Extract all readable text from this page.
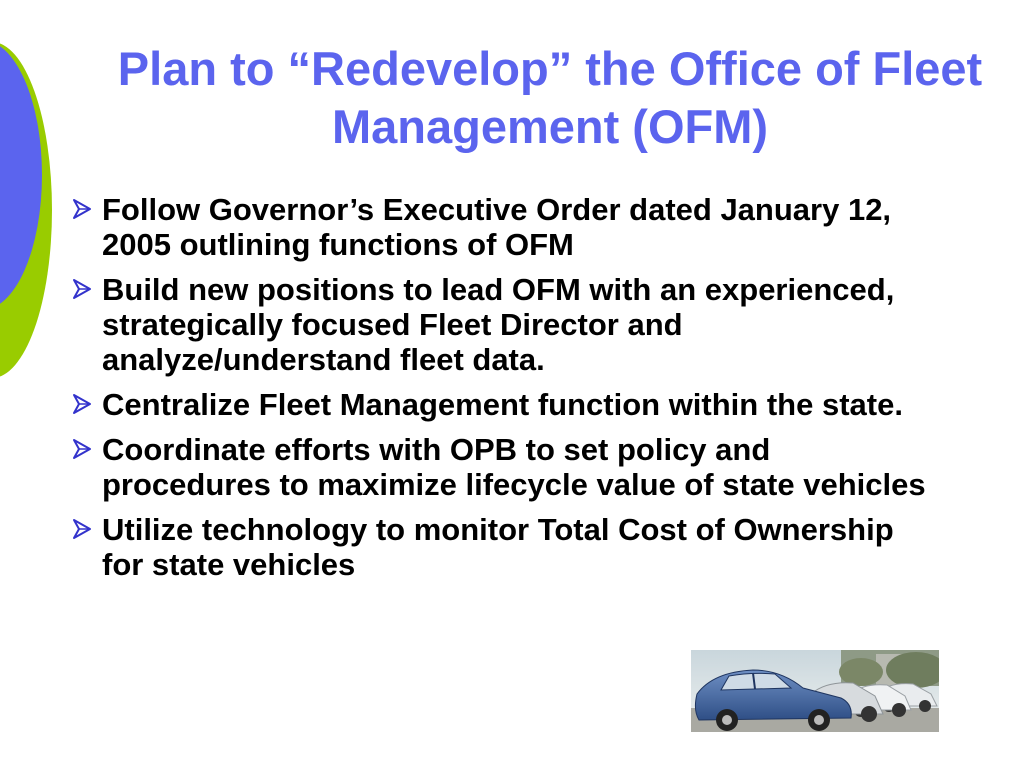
Plan to “Redevelop” the Office of Fleet Management (OFM)
Follow Governor’s Executive Order dated January 12, 2005 outlining functions of OFM
Build new positions to lead OFM with an experienced, strategically focused Fleet Director and analyze/understand fleet data.
Centralize Fleet Management function within the state.
Coordinate efforts with OPB to set policy and procedures to maximize lifecycle value of state vehicles
Utilize technology to monitor Total Cost of Ownership for state vehicles
